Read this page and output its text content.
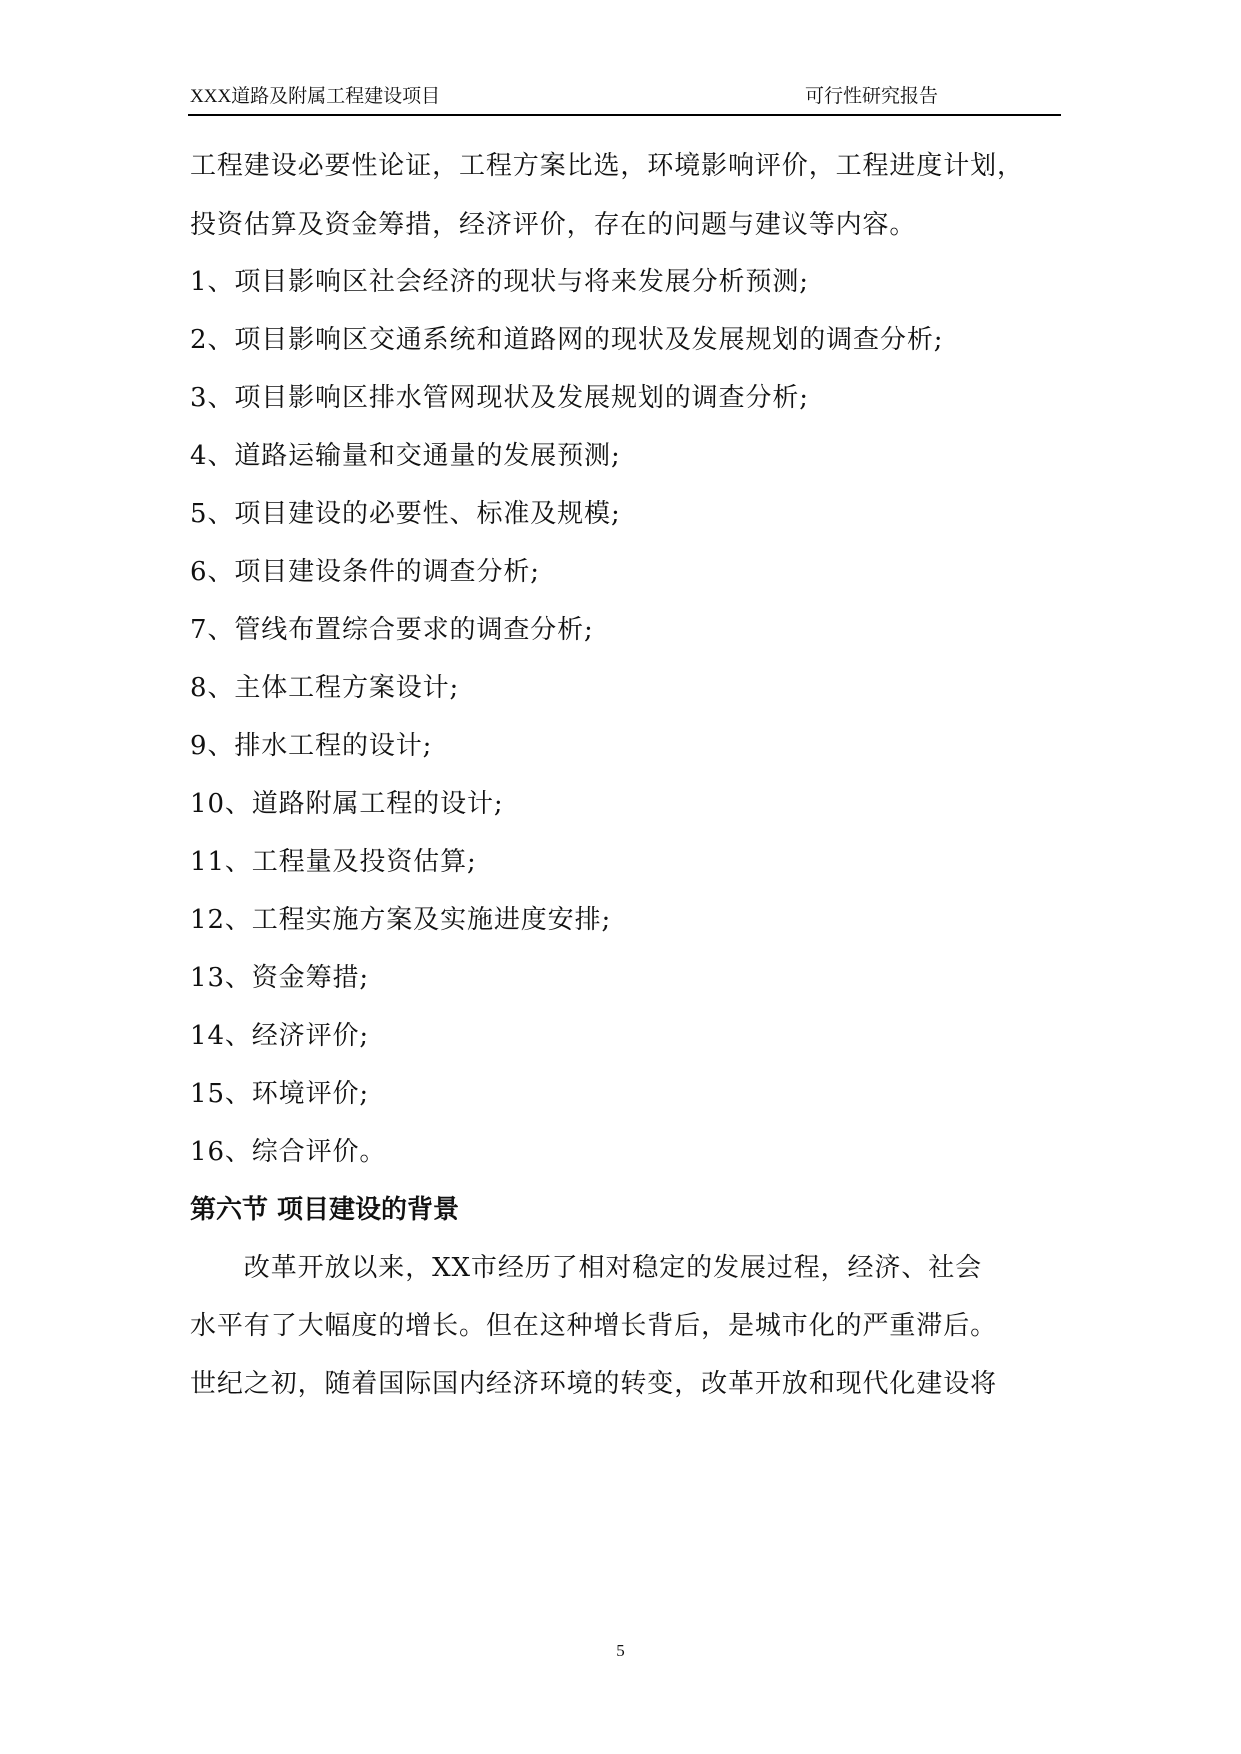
XXX道路及附属工程建设项目	可行性研究报告
工程建设必要性论证，工程方案比选，环境影响评价，工程进度计划，
投资估算及资金筹措，经济评价，存在的问题与建议等内容。
1、项目影响区社会经济的现状与将来发展分析预测;
2、项目影响区交通系统和道路网的现状及发展规划的调查分析;
3、项目影响区排水管网现状及发展规划的调查分析;
4、道路运输量和交通量的发展预测;
5、项目建设的必要性、标准及规模;
6、项目建设条件的调查分析;
7、管线布置综合要求的调查分析;
8、主体工程方案设计;
9、排水工程的设计;
10、道路附属工程的设计;
11、工程量及投资估算;
12、工程实施方案及实施进度安排;
13、资金筹措;
14、经济评价;
15、环境评价;
16、综合评价。
第六节 项目建设的背景
　　改革开放以来，XX市经历了相对稳定的发展过程，经济、社会
水平有了大幅度的增长。但在这种增长背后，是城市化的严重滞后。
世纪之初，随着国际国内经济环境的转变，改革开放和现代化建设将
5
